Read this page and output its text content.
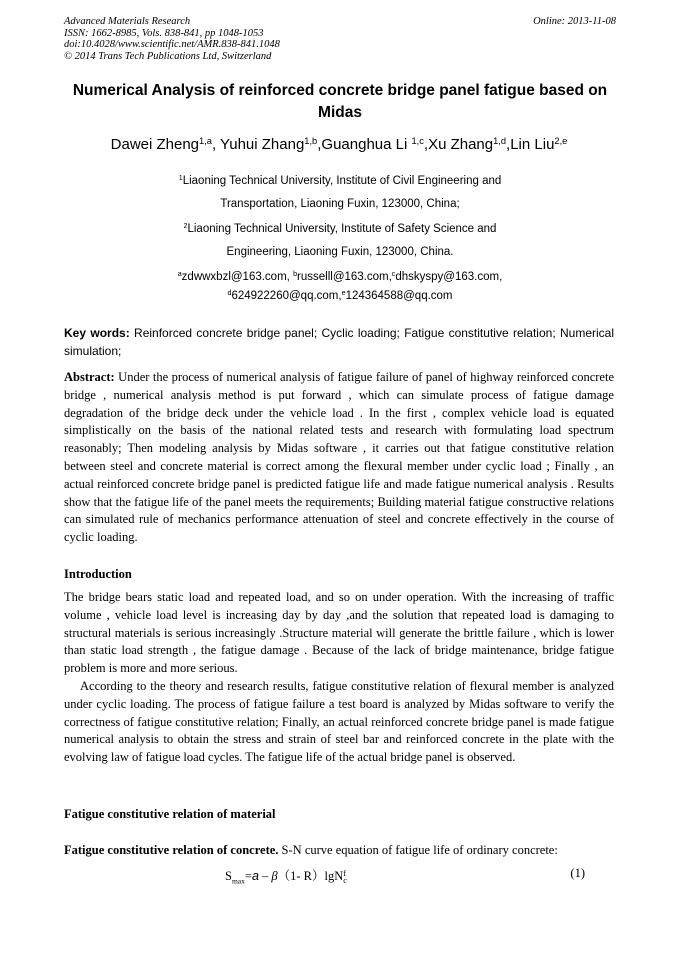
Advanced Materials Research
ISSN: 1662-8985, Vols. 838-841, pp 1048-1053
doi:10.4028/www.scientific.net/AMR.838-841.1048
© 2014 Trans Tech Publications Ltd, Switzerland
Online: 2013-11-08
Numerical Analysis of reinforced concrete bridge panel fatigue based on
Midas
Dawei Zheng$^{1,a}$, Yuhui Zhang$^{1,b}$,Guanghua Li $^{1,c}$,Xu Zhang$^{1,d}$,Lin Liu$^{2,e}$
$^1$Liaoning Technical University, Institute of Civil Engineering and
Transportation, Liaoning Fuxin, 123000, China;
$^2$Liaoning Technical University, Institute of Safety Science and
Engineering, Liaoning Fuxin, 123000, China.
$^a$zdwwxbzl@163.com, $^b$russelll@163.com,$^c$dhskyspy@163.com,
$^d$624922260@qq.com,$^e$124364588@qq.com
Key words: Reinforced concrete bridge panel; Cyclic loading; Fatigue constitutive relation; Numerical simulation;

Abstract: Under the process of numerical analysis of fatigue failure of panel of highway reinforced concrete bridge , numerical analysis method is put forward , which can simulate process of fatigue damage degradation of the bridge deck under the vehicle load . In the first , complex vehicle load is equated simplistically on the basis of the national related tests and research with formulating load spectrum reasonably; Then modeling analysis by Midas software , it carries out that fatigue constitutive relation between steel and concrete material is correct among the flexural member under cyclic load ; Finally , an actual reinforced concrete bridge panel is predicted fatigue life and made fatigue numerical analysis . Results show that the fatigue life of the panel meets the requirements; Building material fatigue constructive relations can simulated rule of mechanics performance attenuation of steel and concrete effectively in the course of cyclic loading.

Introduction

The bridge bears static load and repeated load, and so on under operation. With the increasing of traffic volume , vehicle load level is increasing day by day ,and the solution that repeated load is damaging to structural materials is serious increasingly .Structure material will generate the brittle failure , which is lower than static load strength , the fatigue damage . Because of the lack of bridge maintenance, bridge fatigue problem is more and more serious.

According to the theory and research results, fatigue constitutive relation of flexural member is analyzed under cyclic loading. The process of fatigue failure a test board is analyzed by Midas software to verify the correctness of fatigue constitutive relation; Finally, an actual reinforced concrete bridge panel is made fatigue numerical analysis to obtain the stress and strain of steel bar and reinforced concrete in the plate with the evolving law of fatigue load cycles. The fatigue life of the actual bridge panel is observed.

Fatigue constitutive relation of material

Fatigue constitutive relation of concrete. S-N curve equation of fatigue life of ordinary concrete:

$S_{max}=a - \beta(1-$ R）lgN f
c
(1)
